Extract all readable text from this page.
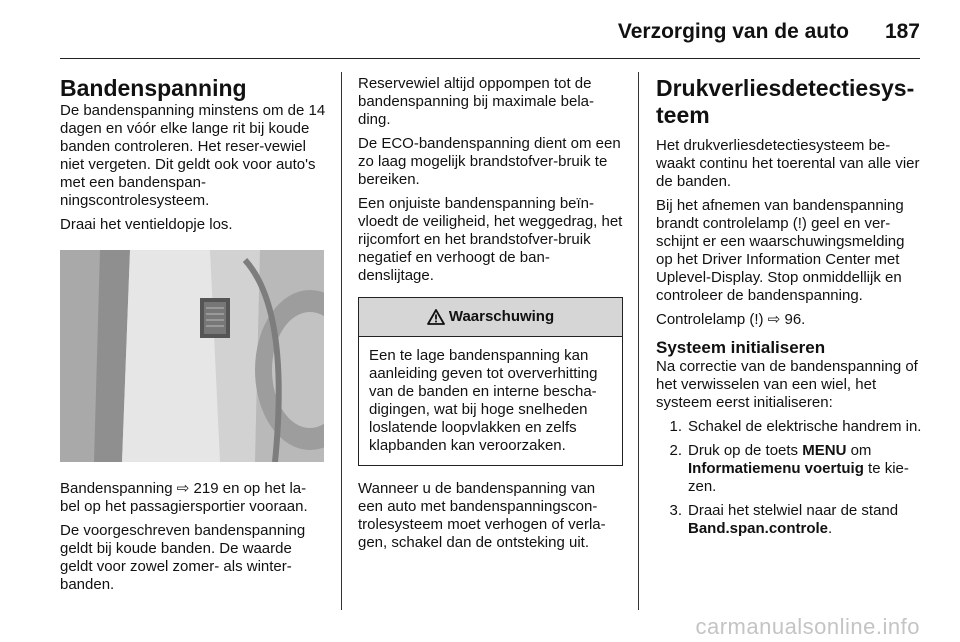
Verzorging van de auto 187
Bandenspanning

De bandenspanning minstens om de 14 dagen en vóór elke lange rit bij koude banden controleren. Het reser-vewiel niet vergeten. Dit geldt ook voor auto's met een bandenspan-ningscontrolesysteem.

Draai het ventieldopje los.

Bandenspanning ⇨ 219 en op het la-bel op het passagiersportier vooraan.

De voorgeschreven bandenspanning geldt bij koude banden. De waarde geldt voor zowel zomer- als winter-banden.

Reservewiel altijd oppompen tot de bandenspanning bij maximale bela-ding.

De ECO-bandenspanning dient om een zo laag mogelijk brandstofver-bruik te bereiken.

Een onjuiste bandenspanning beïn-vloedt de veiligheid, het weggedrag, het rijcomfort en het brandstofver-bruik negatief en verhoogt de ban-denslijtage.

Waarschuwing
Een te lage bandenspanning kan aanleiding geven tot oververhitting van de banden en interne bescha-digingen, wat bij hoge snelheden loslatende loopvlakken en zelfs klapbanden kan veroorzaken.

Wanneer u de bandenspanning van een auto met bandenspanningscon-trolesysteem moet verhogen of verla-gen, schakel dan de ontsteking uit.

Drukverliesdetectiesys-teem

Het drukverliesdetectiesysteem be-waakt continu het toerental van alle vier de banden.

Bij het afnemen van bandenspanning brandt controlelamp (!) geel en ver-schijnt er een waarschuwingsmelding op het Driver Information Center met Uplevel-Display. Stop onmiddellijk en controleer de bandenspanning.

Controlelamp (!) ⇨ 96.

Systeem initialiseren

Na correctie van de bandenspanning of het verwisselen van een wiel, het systeem eerst initialiseren:

1. Schakel de elektrische handrem in.
2. Druk op de toets MENU om Informatiemenu voertuig te kie-zen.
3. Draai het stelwiel naar de stand Band.span.controle.
carmanualsonline.info
